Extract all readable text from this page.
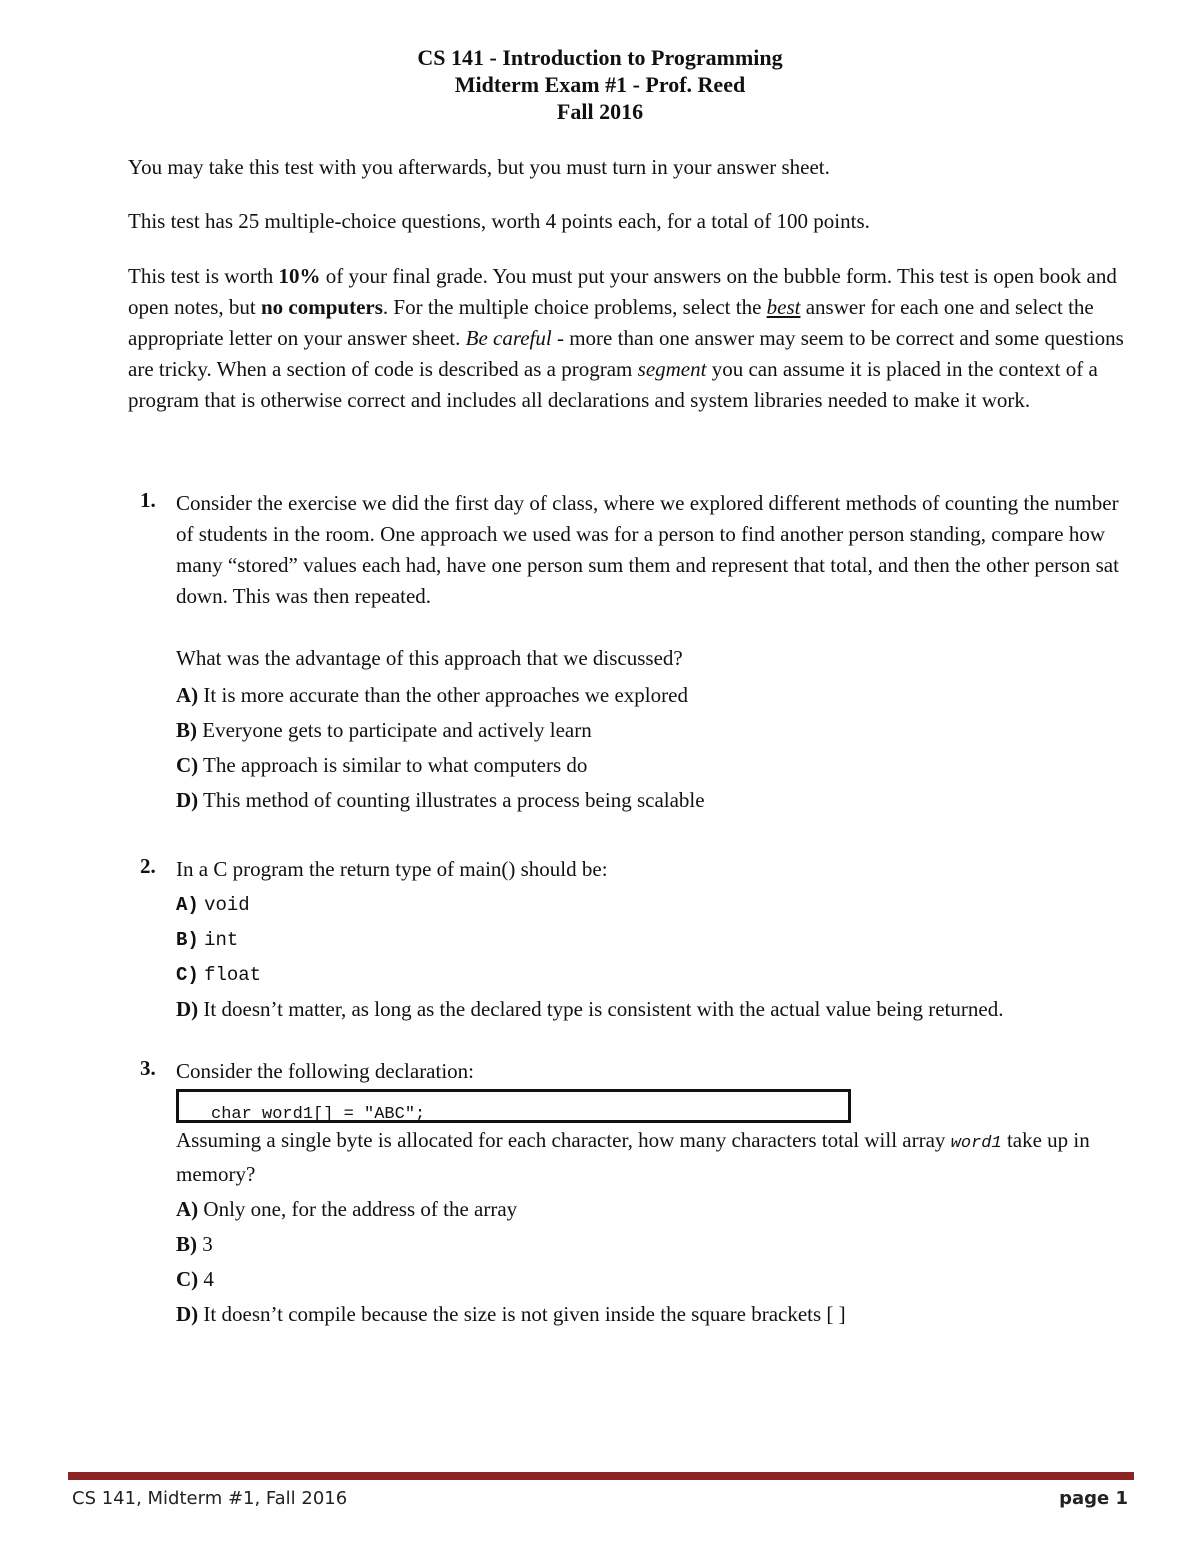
CS 141 - Introduction to Programming
Midterm Exam #1 - Prof. Reed
Fall 2016
You may take this test with you afterwards, but you must turn in your answer sheet.
This test has 25 multiple-choice questions, worth 4 points each, for a total of 100 points.
This test is worth 10% of your final grade. You must put your answers on the bubble form. This test is open book and open notes, but no computers. For the multiple choice problems, select the best answer for each one and select the appropriate letter on your answer sheet. Be careful - more than one answer may seem to be correct and some questions are tricky. When a section of code is described as a program segment you can assume it is placed in the context of a program that is otherwise correct and includes all declarations and system libraries needed to make it work.
1. Consider the exercise we did the first day of class, where we explored different methods of counting the number of students in the room. One approach we used was for a person to find another person standing, compare how many “stored” values each had, have one person sum them and represent that total, and then the other person sat down. This was then repeated.
What was the advantage of this approach that we discussed?
A) It is more accurate than the other approaches we explored
B) Everyone gets to participate and actively learn
C) The approach is similar to what computers do
D) This method of counting illustrates a process being scalable
2. In a C program the return type of main() should be:
A) void
B) int
C) float
D) It doesn’t matter, as long as the declared type is consistent with the actual value being returned.
3. Consider the following declaration:
char word1[] = "ABC";
Assuming a single byte is allocated for each character, how many characters total will array word1 take up in memory?
A) Only one, for the address of the array
B) 3
C) 4
D) It doesn’t compile because the size is not given inside the square brackets [ ]
CS 141, Midterm #1, Fall 2016	page 1
